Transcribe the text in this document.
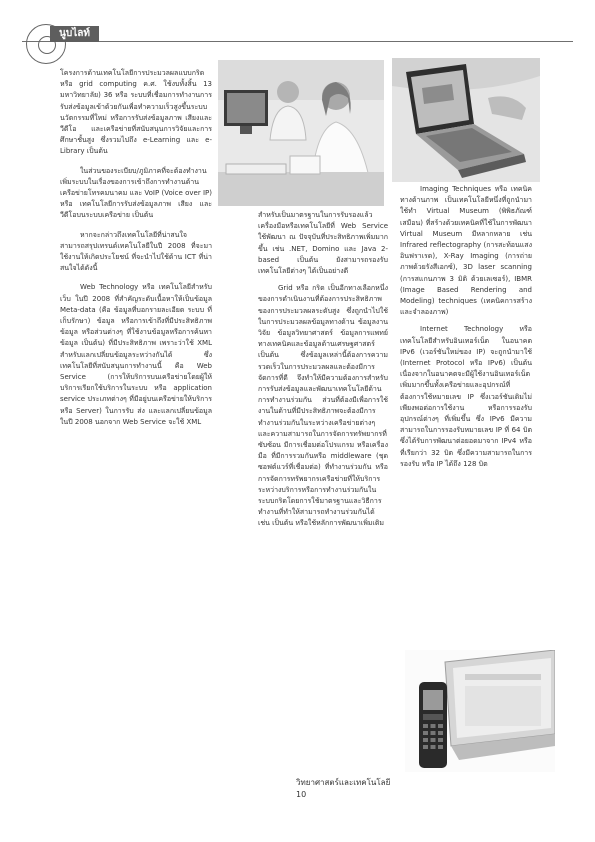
นูบไลท์

โครงการด้านเทคโนโลยีการประมวลผลแบบกริด หรือ grid computing ค.ศ. ใช้งบทั้งสิ้น 13 มหาวิทยาลัย) 36 หรือ ระบบที่เชื่อมการทำงานการรับส่งข้อมูลเข้าด้วยกันเพื่อทำความเร็วสูงขึ้นระบบนวัตกรรมที่ใหม่ หรือการรับส่งข้อมูลภาพ เสียงและวีดีโอ และเครือข่ายที่สนับสนุนการวิจัยและการศึกษาชั้นสูง ซึ่งรวมไปถึง e-Learning และ e-Library เป็นต้น

ในส่วนของระเบียบ/ภูมิภาคที่จะต้องทำงานเพิ่มระบบในเรื่องของการเข้าถึงการทำงานด้านเครือข่ายโทรคมนาคม และ VoIP (Voice over IP) หรือ เทคโนโลยีการรับส่งข้อมูลภาพ เสียง และวีดีโอบนระบบเครือข่าย เป็นต้น

หากจะกล่าวถึงเทคโนโลยีที่น่าสนใจ สามารถสรุปเทรนด์เทคโนโลยีในปี 2008 ที่จะมาใช้งานให้เกิดประโยชน์ ที่จะนำไปใช้ด้าน ICT ที่น่าสนใจได้ดังนี้

Web Technology หรือ เทคโนโลยีสำหรับเว็บ ในปี 2008 ที่สำคัญระดับเนื้อหาให้เป็นข้อมูล Meta-data (คือ ข้อมูลที่บอกรายละเอียด ระบบ ที่เก็บรักษา) ข้อมูล หรือการเข้าถึงที่มีประสิทธิภาพ ข้อมูล หรือส่วนต่างๆ ที่ใช้งานข้อมูลหรือการค้นหาข้อมูล เป็นต้น) ที่มีประสิทธิภาพ เพราะว่าใช้ XML สำหรับแลกเปลี่ยนข้อมูลระหว่างกันได้ ซึ่งเทคโนโลยีที่สนับสนุนการทำงานนี้ คือ Web Service (การให้บริการบนเครือข่ายโดยผู้ให้บริการเรียกใช้บริการในระบบ หรือ application service ประเภทต่างๆ ที่มีอยู่บนเครือข่ายให้บริการ หรือ Server) ในการรับ ส่ง และแลกเปลี่ยนข้อมูล ในปี 2008 นอกจาก Web Service จะใช้ XML

สำหรับเป็นมาตรฐานในการรับรองแล้ว เครื่องมือหรือเทคโนโลยีที่ Web Service ใช้พัฒนา ณ ปัจจุบันที่ประสิทธิภาพเพิ่มมากขึ้น เช่น .NET, Domino และ Java 2-based เป็นต้น ยังสามารถรองรับเทคโนโลยีต่างๆ ได้เป็นอย่างดี

Grid หรือ กริด เป็นอีกทางเลือกหนึ่งของการดำเนินงานที่ต้องการประสิทธิภาพของการประมวลผลระดับสูง ซึ่งถูกนำไปใช้ในการประมวลผลข้อมูลทางด้าน ข้อมูลงานวิจัย ข้อมูลวิทยาศาสตร์ ข้อมูลการแพทย์ทางเทคนิคและข้อมูลด้านเศรษฐศาสตร์ เป็นต้น ซึ่งข้อมูลเหล่านี้ต้องการความรวดเร็วในการประมวลผลและต้องมีการจัดการที่ดี จึงทำให้มีความต้องการสำหรับการรับส่งข้อมูลและพัฒนาเทคโนโลยีด้านการทำงานร่วมกัน ส่วนที่ต้องมีเพื่อการใช้งานในด้านที่มีประสิทธิภาพจะต้องมีการทำงานร่วมกันในระหว่างเครือข่ายต่างๆ และความสามารถในการจัดการทรัพยากรที่ซับซ้อน มีการเชื่อมต่อโปรแกรม หรือเครื่องมือ ที่มีการรวมกันหรือ middleware (ชุดซอฟต์แวร์ที่เชื่อมต่อ) ที่ทำงานร่วมกัน หรือ การจัดการทรัพยากรเครือข่ายที่ให้บริการ ระหว่างบริการหรือการทำงานร่วมกันในระบบกริดโดยการใช้มาตรฐานและวิธีการทำงานที่ทำให้สามารถทำงานร่วมกันได้ เช่น เป็นต้น หรือใช้หลักการพัฒนาเพิ่มเติม

Imaging Techniques หรือ เทคนิคทางด้านภาพ เป็นเทคโนโลยีหนึ่งที่ถูกนำมาใช้ทำ Virtual Museum (พิพิธภัณฑ์เสมือน) ที่สร้างด้วยเทคนิคที่ใช้ในการพัฒนา Virtual Museum มีหลากหลาย เช่น Infrared reflectography (การสะท้อนแสงอินฟราเรด), X-Ray Imaging (การถ่ายภาพด้วยรังสีเอกซ์), 3D laser scanning (การสแกนภาพ 3 มิติ ด้วยเลเซอร์), IBMR (Image Based Rendering and Modeling) techniques (เทคนิคการสร้างและจำลองภาพ)

Internet Technology หรือ เทคโนโลยีสำหรับอินเทอร์เน็ต ในอนาคต IPv6 (เวอร์ชันใหม่ของ IP) จะถูกนำมาใช้ (Internet Protocol หรือ IPv6) เป็นต้น เนื่องจากในอนาคตจะมีผู้ใช้งานอินเทอร์เน็ตเพิ่มมากขึ้นทั้งเครือข่ายและอุปกรณ์ที่ต้องการใช้หมายเลข IP ซึ่งเวอร์ชันเดิมไม่เพียงพอต่อการใช้งาน หรือการรองรับอุปกรณ์ต่างๆ ที่เพิ่มขึ้น ซึ่ง IPv6 มีความสามารถในการรองรับหมายเลข IP ที่ 64 บิต ซึ่งได้รับการพัฒนาต่อยอดมาจาก IPv4 หรือ ที่เรียกว่า 32 บิต ซึ่งมีความสามารถในการรองรับ หรือ IP ได้ถึง 128 บิต

วิทยาศาสตร์และเทคโนโลยี 10
